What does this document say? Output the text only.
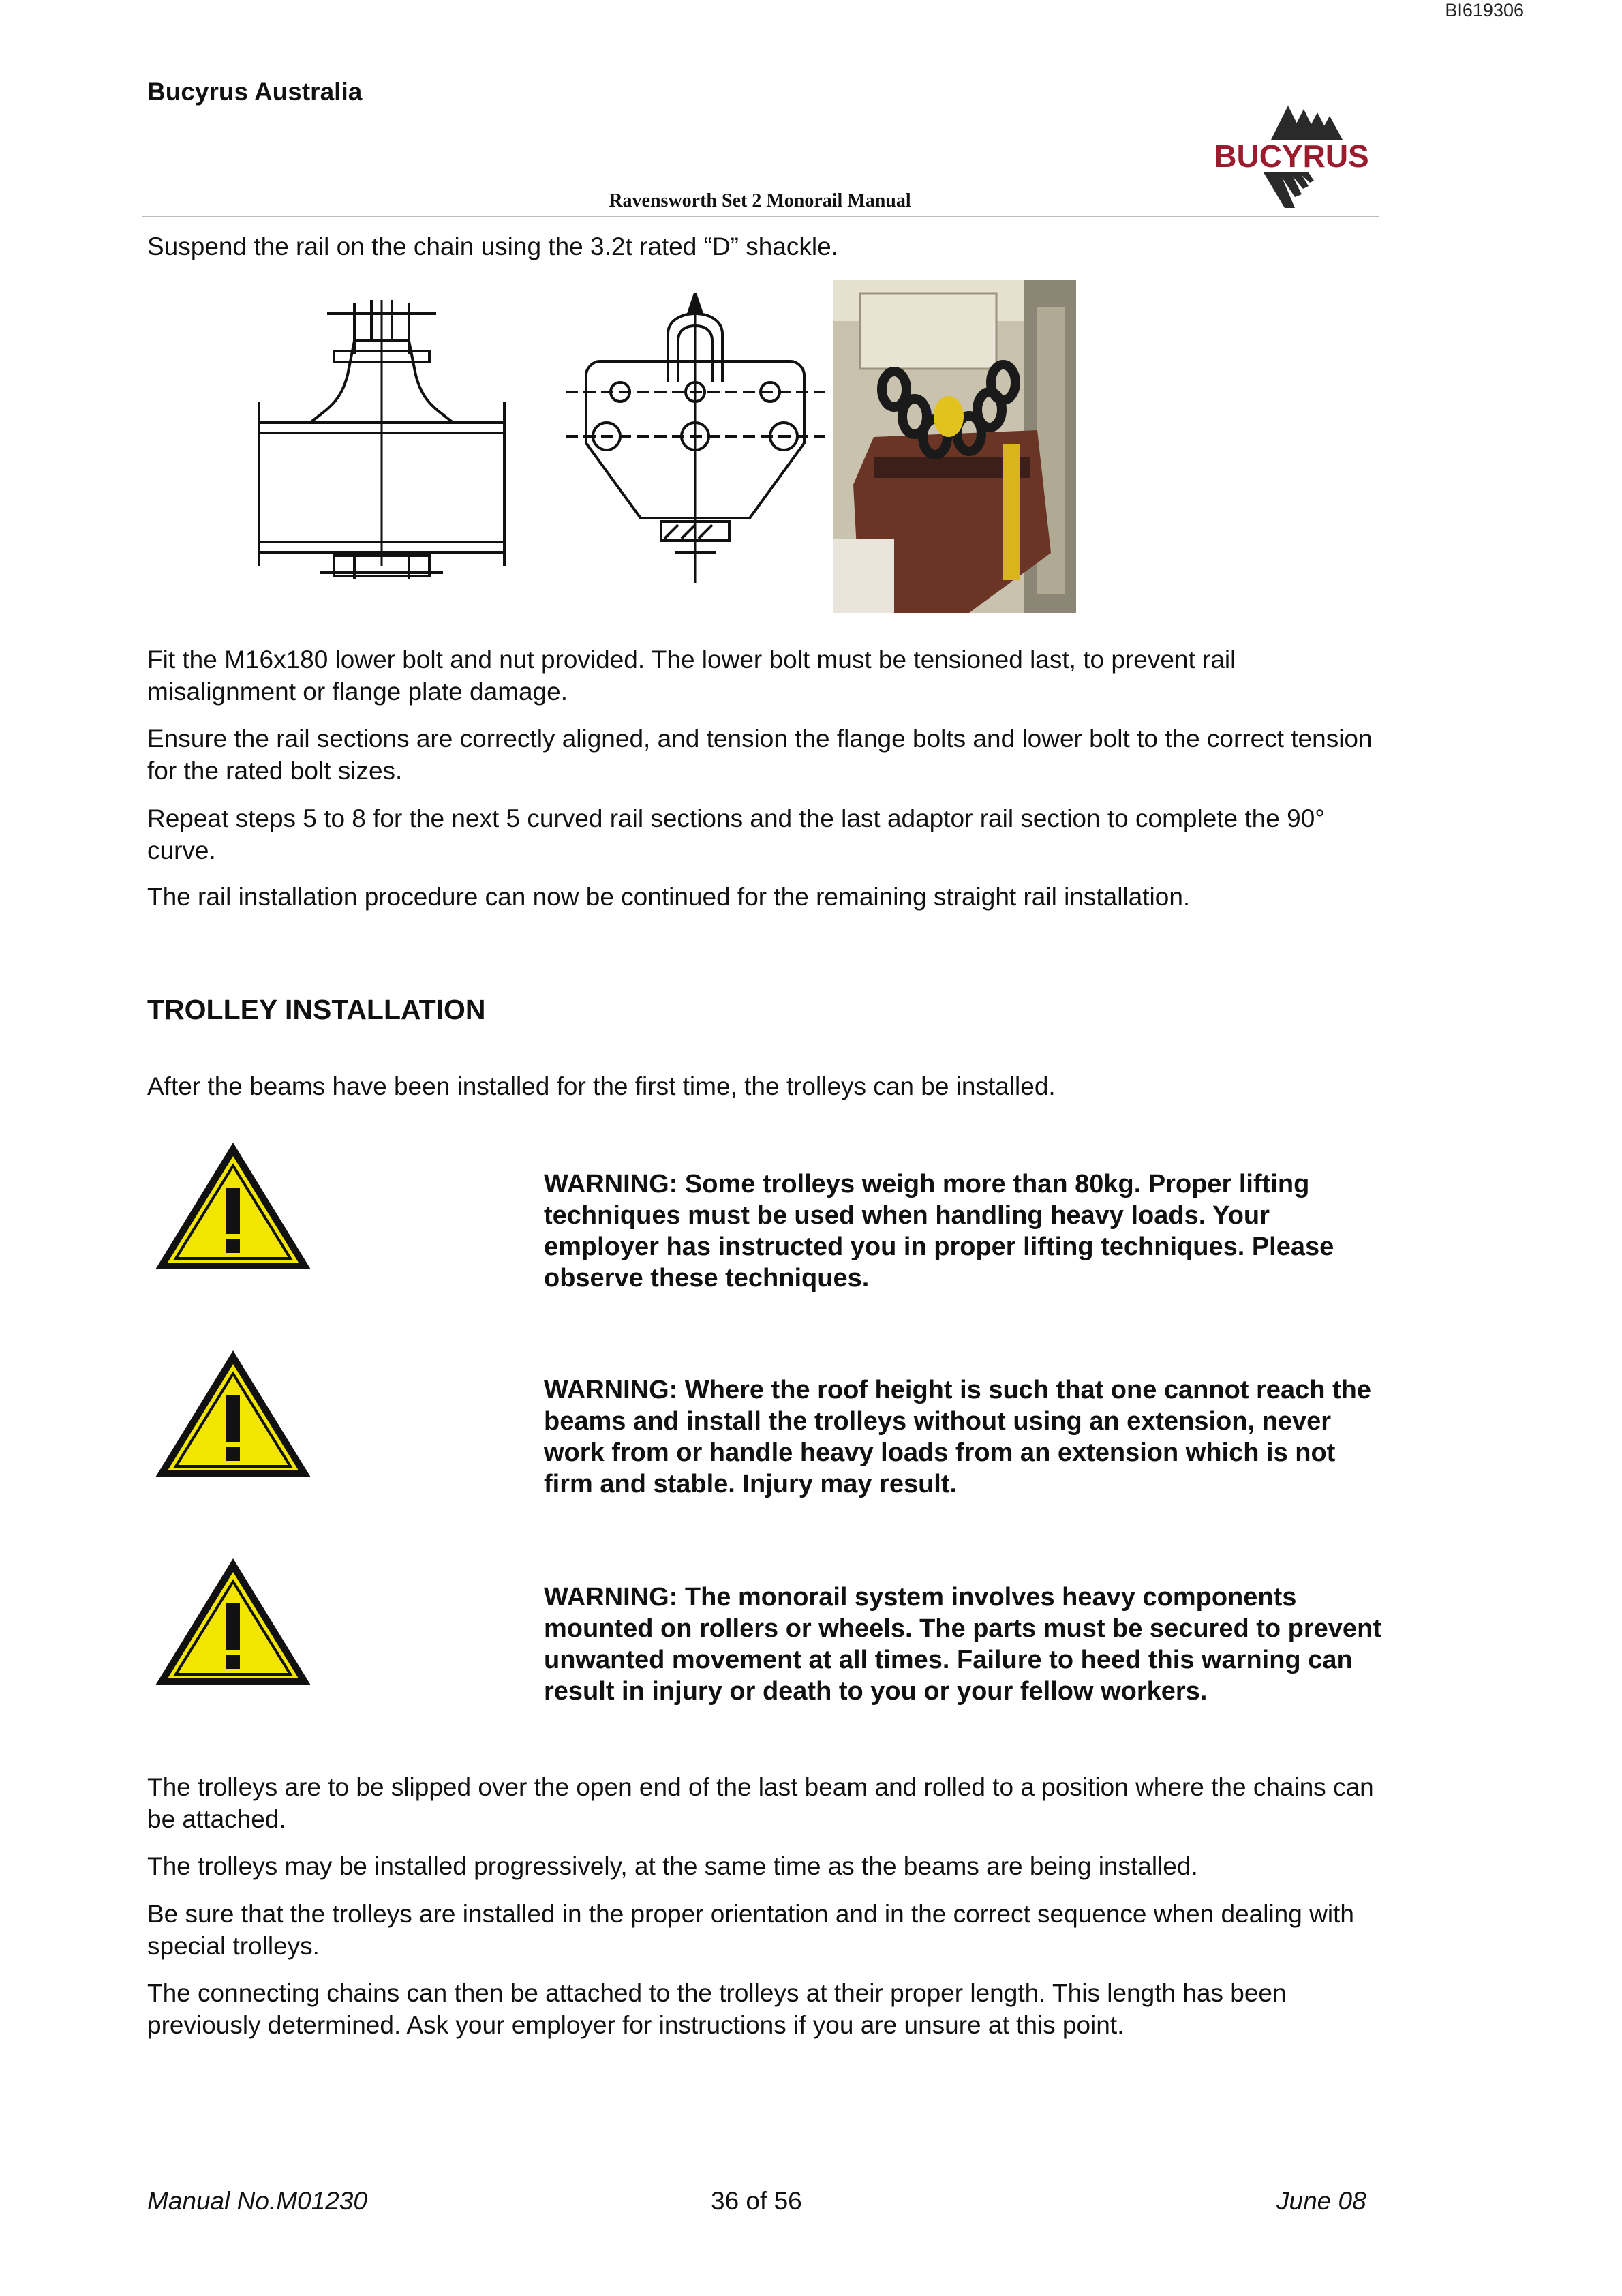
BI619306
Bucyrus Australia
Ravensworth Set 2 Monorail Manual
BUCYRUS
Suspend the rail on the chain using the 3.2t rated “D” shackle.
Fit the M16x180 lower bolt and nut provided. The lower bolt must be tensioned last, to prevent rail misalignment or flange plate damage.
Ensure the rail sections are correctly aligned, and tension the flange bolts and lower bolt to the correct tension for the rated bolt sizes.
Repeat steps 5 to 8 for the next 5 curved rail sections and the last adaptor rail section to complete the 90° curve.
The rail installation procedure can now be continued for the remaining straight rail installation.
TROLLEY INSTALLATION
After the beams have been installed for the first time, the trolleys can be installed.
WARNING: Some trolleys weigh more than 80kg. Proper lifting techniques must be used when handling heavy loads. Your employer has instructed you in proper lifting techniques. Please observe these techniques.
WARNING: Where the roof height is such that one cannot reach the beams and install the trolleys without using an extension, never work from or handle heavy loads from an extension which is not firm and stable. Injury may result.
WARNING: The monorail system involves heavy components mounted on rollers or wheels. The parts must be secured to prevent unwanted movement at all times. Failure to heed this warning can result in injury or death to you or your fellow workers.
The trolleys are to be slipped over the open end of the last beam and rolled to a position where the chains can be attached.
The trolleys may be installed progressively, at the same time as the beams are being installed.
Be sure that the trolleys are installed in the proper orientation and in the correct sequence when dealing with special trolleys.
The connecting chains can then be attached to the trolleys at their proper length. This length has been previously determined. Ask your employer for instructions if you are unsure at this point.
Manual No.M01230	36 of 56	June 08
